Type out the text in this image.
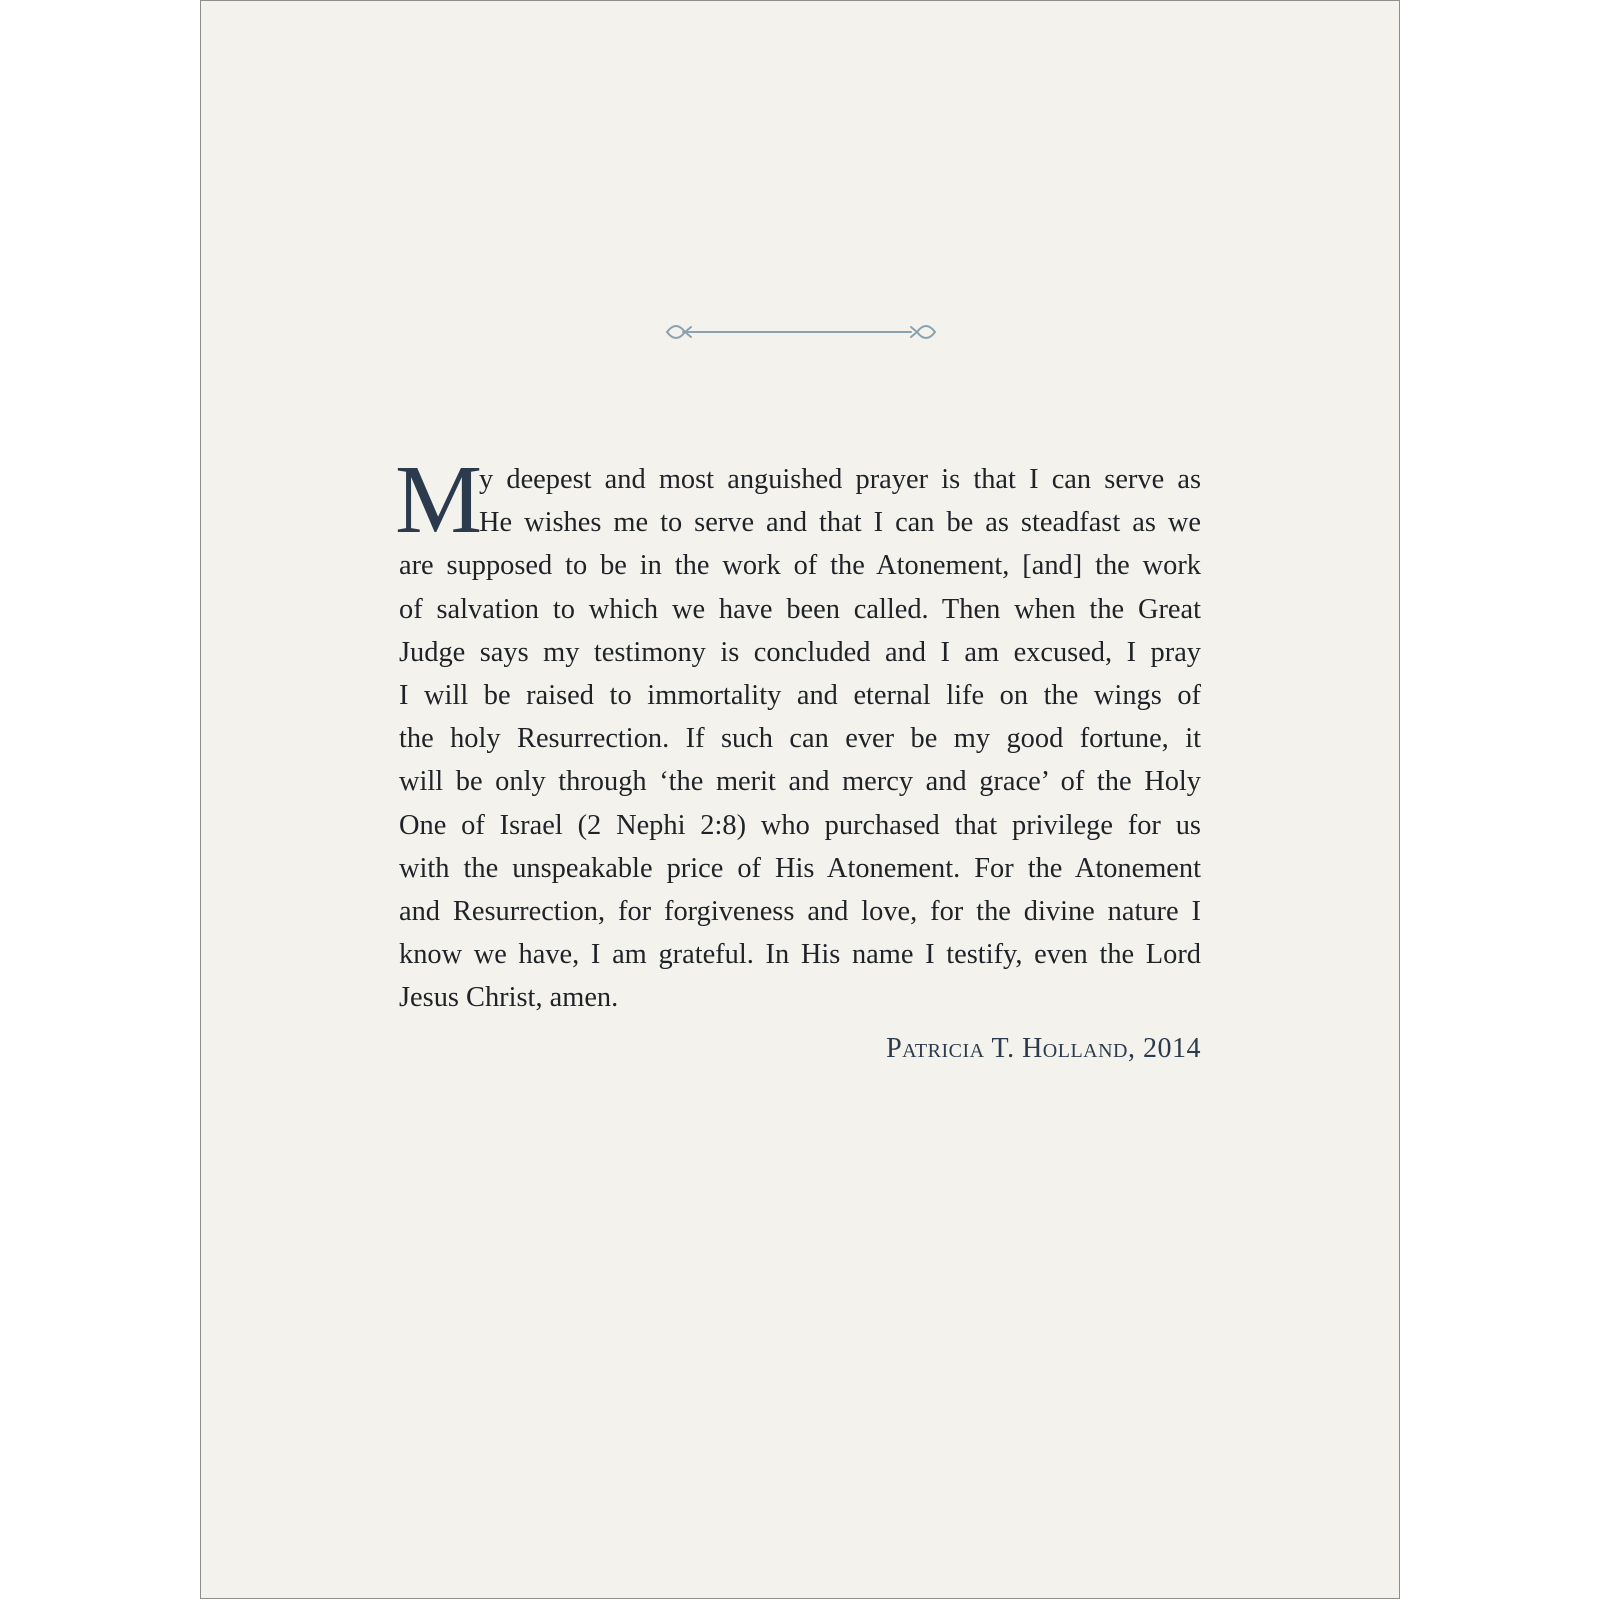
M
y deepest and most anguished prayer is that I can serve as
He wishes me to serve and that I can be as steadfast as we
are supposed to be in the work of the Atonement, [and] the work
of salvation to which we have been called. Then when the Great
Judge says my testimony is concluded and I am excused, I pray
I will be raised to immortality and eternal life on the wings of
the holy Resurrection. If such can ever be my good fortune, it
will be only through ‘the merit and mercy and grace’ of the Holy
One of Israel (2 Nephi 2:8) who purchased that privilege for us
with the unspeakable price of His Atonement. For the Atonement
and Resurrection, for forgiveness and love, for the divine nature I
know we have, I am grateful. In His name I testify, even the Lord
Jesus Christ, amen.
Patricia T. Holland, 2014
